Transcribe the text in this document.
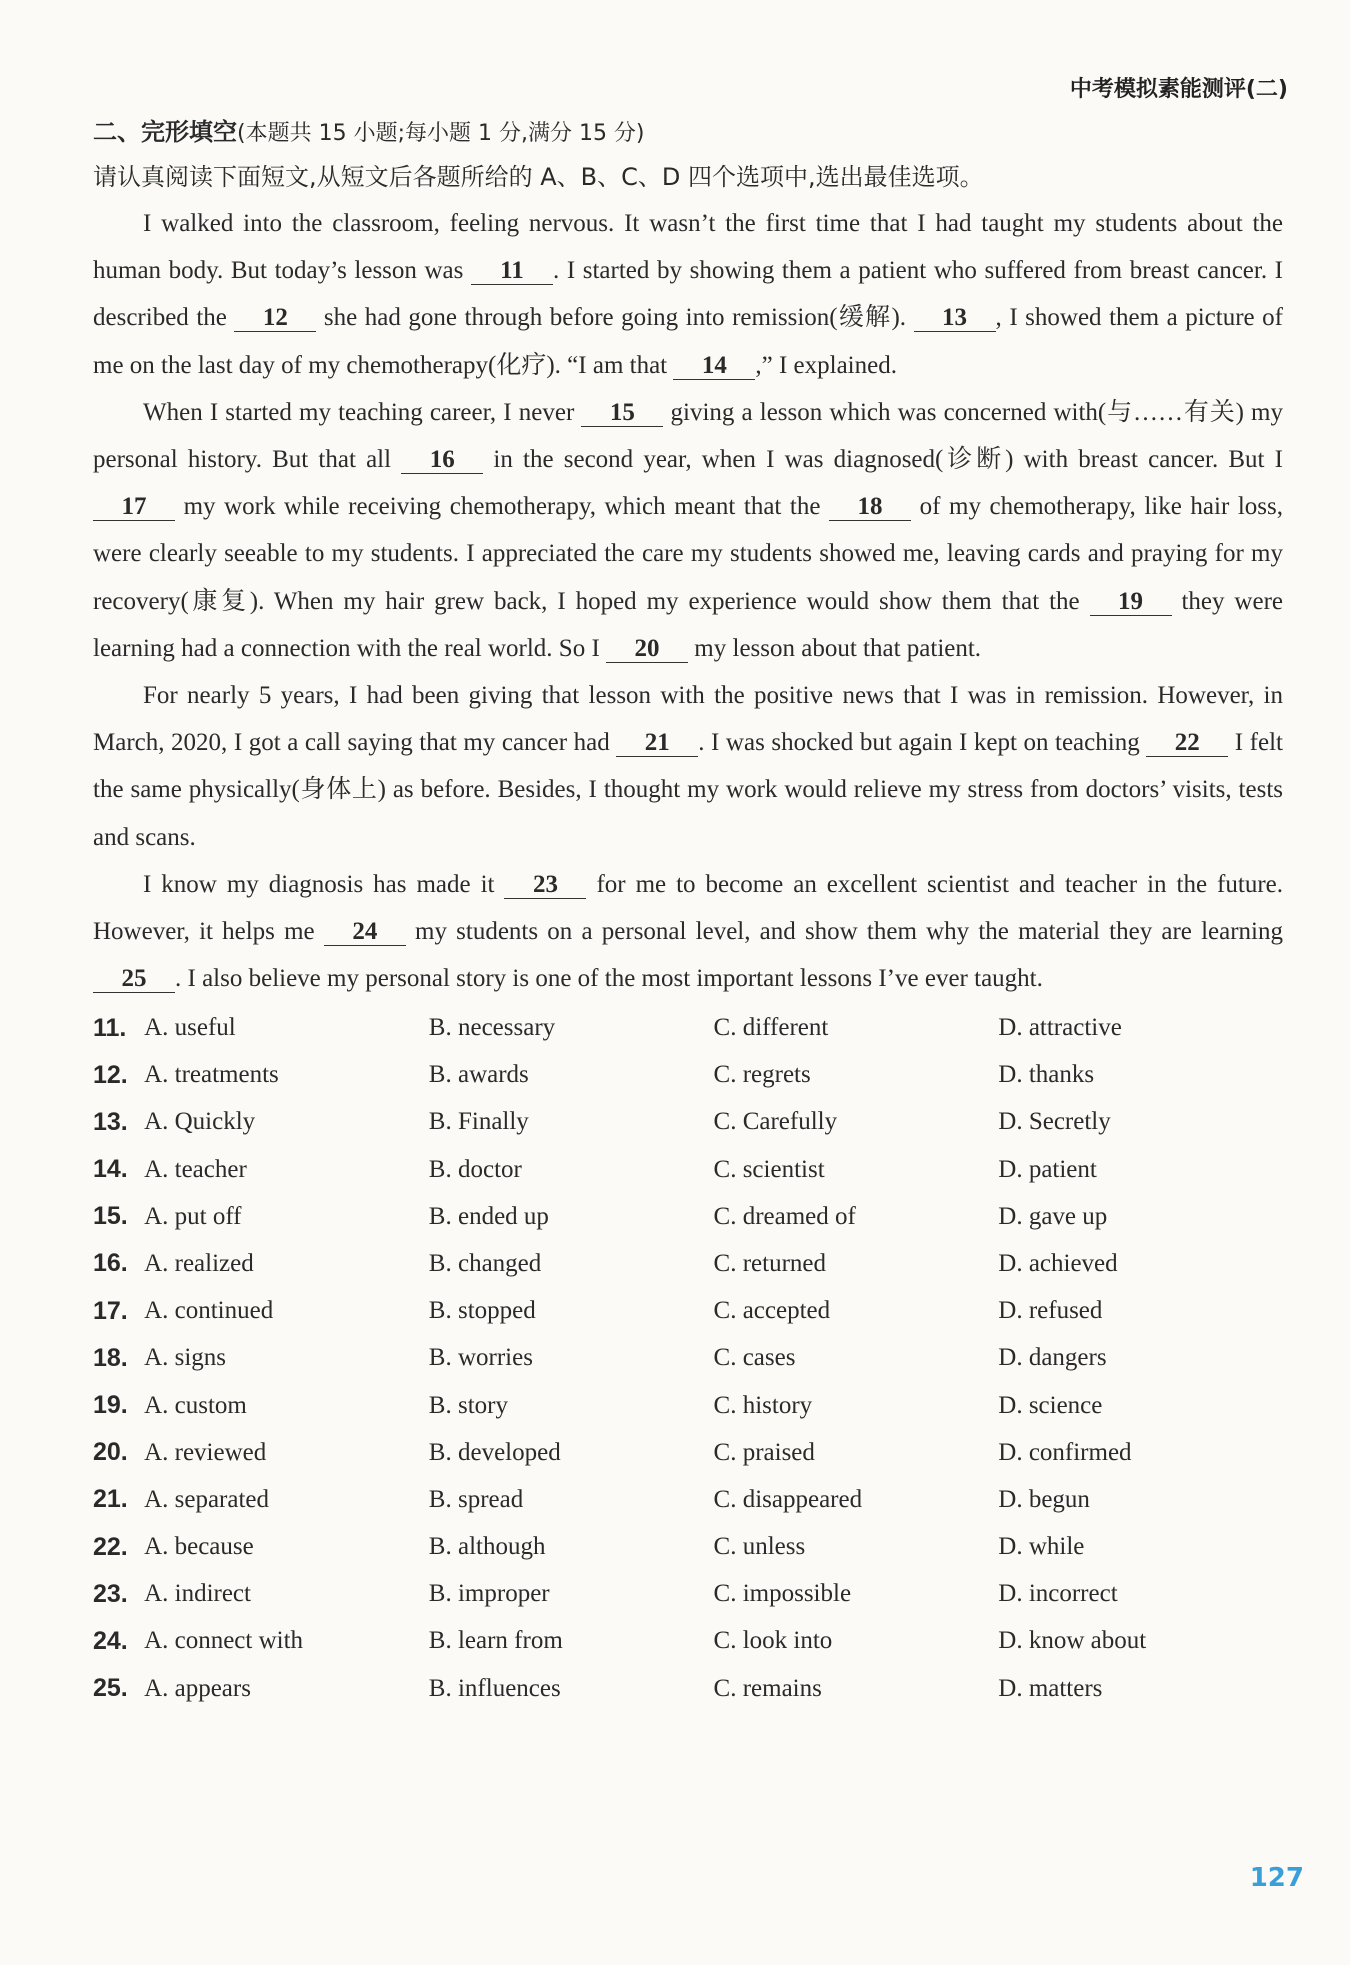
中考模拟素能测评(二)
二、完形填空(本题共 15 小题;每小题 1 分,满分 15 分)
请认真阅读下面短文,从短文后各题所给的 A、B、C、D 四个选项中,选出最佳选项。

I walked into the classroom, feeling nervous. It wasn’t the first time that I had taught my students about the human body. But today’s lesson was 11 . I started by showing them a patient who suffered from breast cancer. I described the 12 she had gone through before going into remission(缓解). 13 , I showed them a picture of me on the last day of my chemotherapy(化疗). “I am that 14 ,” I explained.

When I started my teaching career, I never 15 giving a lesson which was concerned with(与……有关) my personal history. But that all 16 in the second year, when I was diagnosed(诊断) with breast cancer. But I 17 my work while receiving chemotherapy, which meant that the 18 of my chemotherapy, like hair loss, were clearly seeable to my students. I appreciated the care my students showed me, leaving cards and praying for my recovery(康复). When my hair grew back, I hoped my experience would show them that the 19 they were learning had a connection with the real world. So I 20 my lesson about that patient.

For nearly 5 years, I had been giving that lesson with the positive news that I was in remission. However, in March, 2020, I got a call saying that my cancer had 21 . I was shocked but again I kept on teaching 22 I felt the same physically(身体上) as before. Besides, I thought my work would relieve my stress from doctors’ visits, tests and scans.

I know my diagnosis has made it 23 for me to become an excellent scientist and teacher in the future. However, it helps me 24 my students on a personal level, and show them why the material they are learning 25 . I also believe my personal story is one of the most important lessons I’ve ever taught.

11. A. useful	B. necessary	C. different	D. attractive
12. A. treatments	B. awards	C. regrets	D. thanks
13. A. Quickly	B. Finally	C. Carefully	D. Secretly
14. A. teacher	B. doctor	C. scientist	D. patient
15. A. put off	B. ended up	C. dreamed of	D. gave up
16. A. realized	B. changed	C. returned	D. achieved
17. A. continued	B. stopped	C. accepted	D. refused
18. A. signs	B. worries	C. cases	D. dangers
19. A. custom	B. story	C. history	D. science
20. A. reviewed	B. developed	C. praised	D. confirmed
21. A. separated	B. spread	C. disappeared	D. begun
22. A. because	B. although	C. unless	D. while
23. A. indirect	B. improper	C. impossible	D. incorrect
24. A. connect with	B. learn from	C. look into	D. know about
25. A. appears	B. influences	C. remains	D. matters
127
